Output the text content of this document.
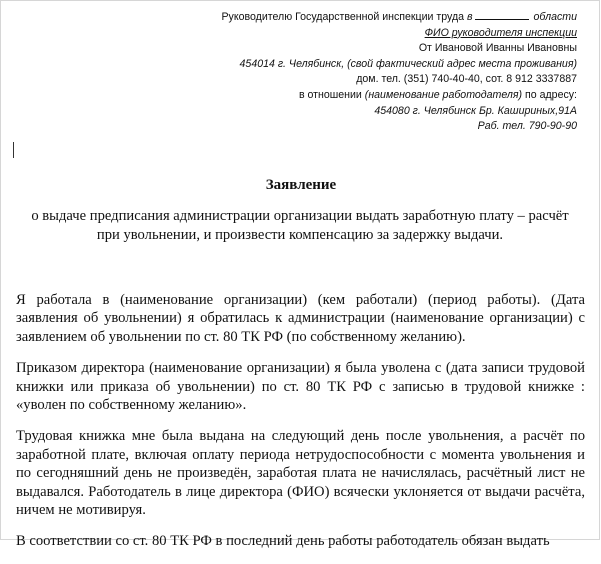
Руководителю Государственной инспекции труда в	области
ФИО руководителя инспекции
От Ивановой Иванны Ивановны
454014 г. Челябинск, (свой фактический адрес места проживания)
дом. тел. (351) 740-40-40, сот. 8 912 3337887
в отношении (наименование работодателя) по адресу:
454080 г. Челябинск Бр. Кашириных,91А
Раб. тел. 790-90-90
Заявление
о выдаче предписания администрации организации выдать заработную плату – расчёт при увольнении, и произвести компенсацию за задержку выдачи.

Я работала в (наименование организации) (кем работали) (период работы). (Дата заявления об увольнении) я обратилась к администрации (наименование организации) с заявлением об увольнении по ст. 80 ТК РФ (по собственному желанию).

Приказом директора (наименование организации) я была уволена с (дата записи трудовой книжки или приказа об увольнении) по ст. 80 ТК РФ с записью в трудовой книжке : «уволен по собственному желанию».

Трудовая книжка мне была выдана на следующий день после увольнения, а расчёт по заработной плате, включая оплату периода нетрудоспособности с момента увольнения и по сегодняшний день не произведён, заработая плата не начислялась, расчётный лист не выдавался. Работодатель в лице директора (ФИО) всячески уклоняется от выдачи расчёта, ничем не мотивируя.

В соответствии со ст. 80 ТК РФ в последний день работы работодатель обязан выдать
